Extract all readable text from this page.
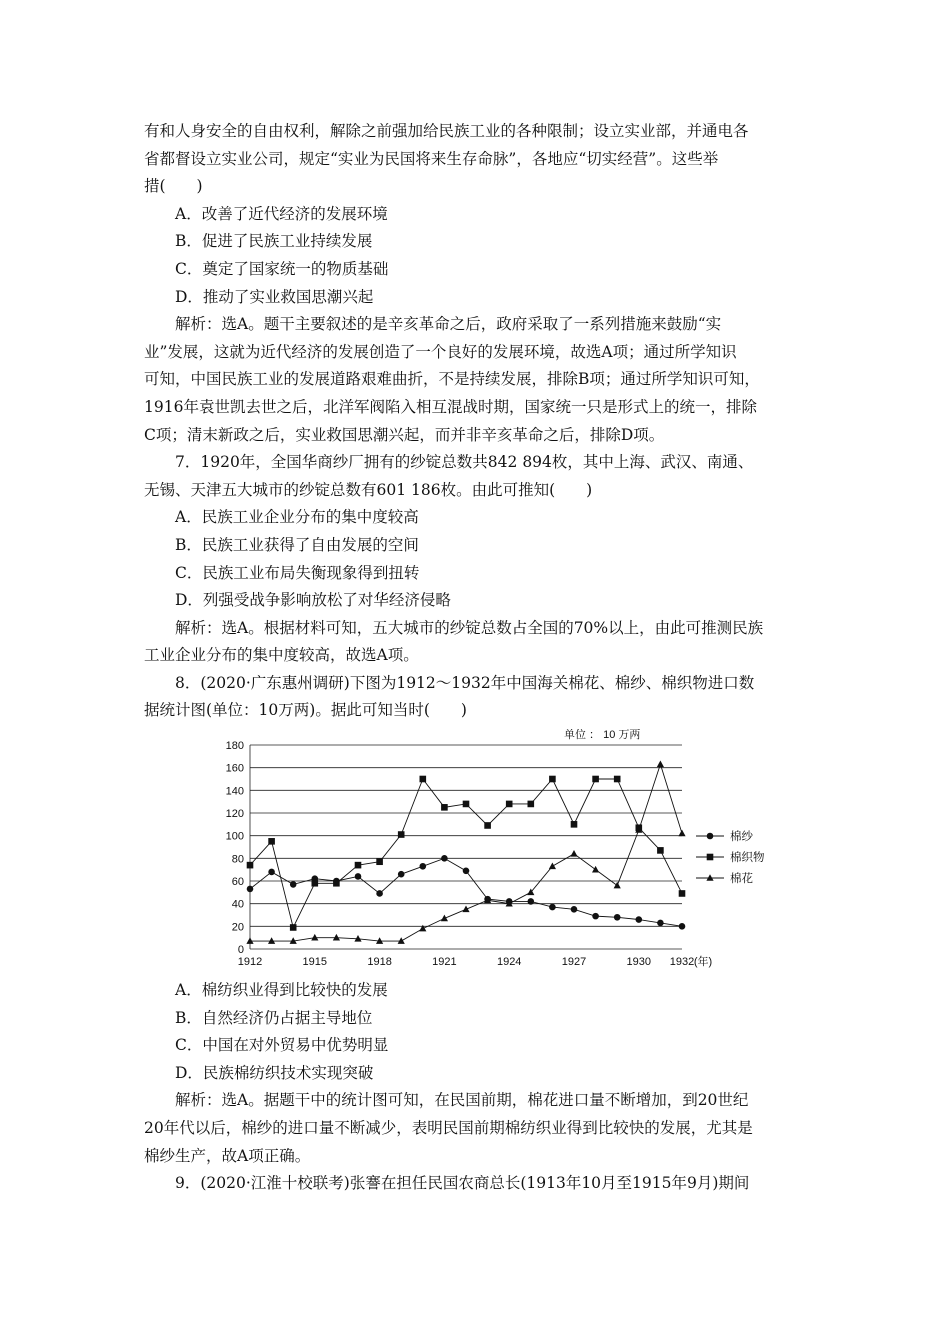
有和人身安全的自由权利，解除之前强加给民族工业的各种限制；设立实业部，并通电各

省都督设立实业公司，规定“实业为民国将来生存命脉”，各地应“切实经营”。这些举

措(　　)

A．改善了近代经济的发展环境

B．促进了民族工业持续发展

C．奠定了国家统一的物质基础

D．推动了实业救国思潮兴起

解析：选A。题干主要叙述的是辛亥革命之后，政府采取了一系列措施来鼓励“实

业”发展，这就为近代经济的发展创造了一个良好的发展环境，故选A项；通过所学知识

可知，中国民族工业的发展道路艰难曲折，不是持续发展，排除B项；通过所学知识可知，

1916年袁世凯去世之后，北洋军阀陷入相互混战时期，国家统一只是形式上的统一，排除

C项；清末新政之后，实业救国思潮兴起，而并非辛亥革命之后，排除D项。

7．1920年，全国华商纱厂拥有的纱锭总数共842 894枚，其中上海、武汉、南通、

无锡、天津五大城市的纱锭总数有601 186枚。由此可推知(　　)

A．民族工业企业分布的集中度较高

B．民族工业获得了自由发展的空间

C．民族工业布局失衡现象得到扭转

D．列强受战争影响放松了对华经济侵略

解析：选A。根据材料可知，五大城市的纱锭总数占全国的70%以上，由此可推测民族

工业企业分布的集中度较高，故选A项。

8．(2020·广东惠州调研)下图为1912～1932年中国海关棉花、棉纱、棉织物进口数

据统计图(单位：10万两)。据此可知当时(　　)

0
20
40
60
80
100
120
140
160
180
1912	1915	1918	1921	1924	1927	1930 1932 (年)
单位 ： 10 万两
棉纱
棉织物
棉花

A．棉纺织业得到比较快的发展

B．自然经济仍占据主导地位

C．中国在对外贸易中优势明显

D．民族棉纺织技术实现突破

解析：选A。据题干中的统计图可知，在民国前期，棉花进口量不断增加，到20世纪

20年代以后，棉纱的进口量不断减少，表明民国前期棉纺织业得到比较快的发展，尤其是

棉纱生产，故A项正确。

9．(2020·江淮十校联考)张謇在担任民国农商总长(1913年10月至1915年9月)期间
